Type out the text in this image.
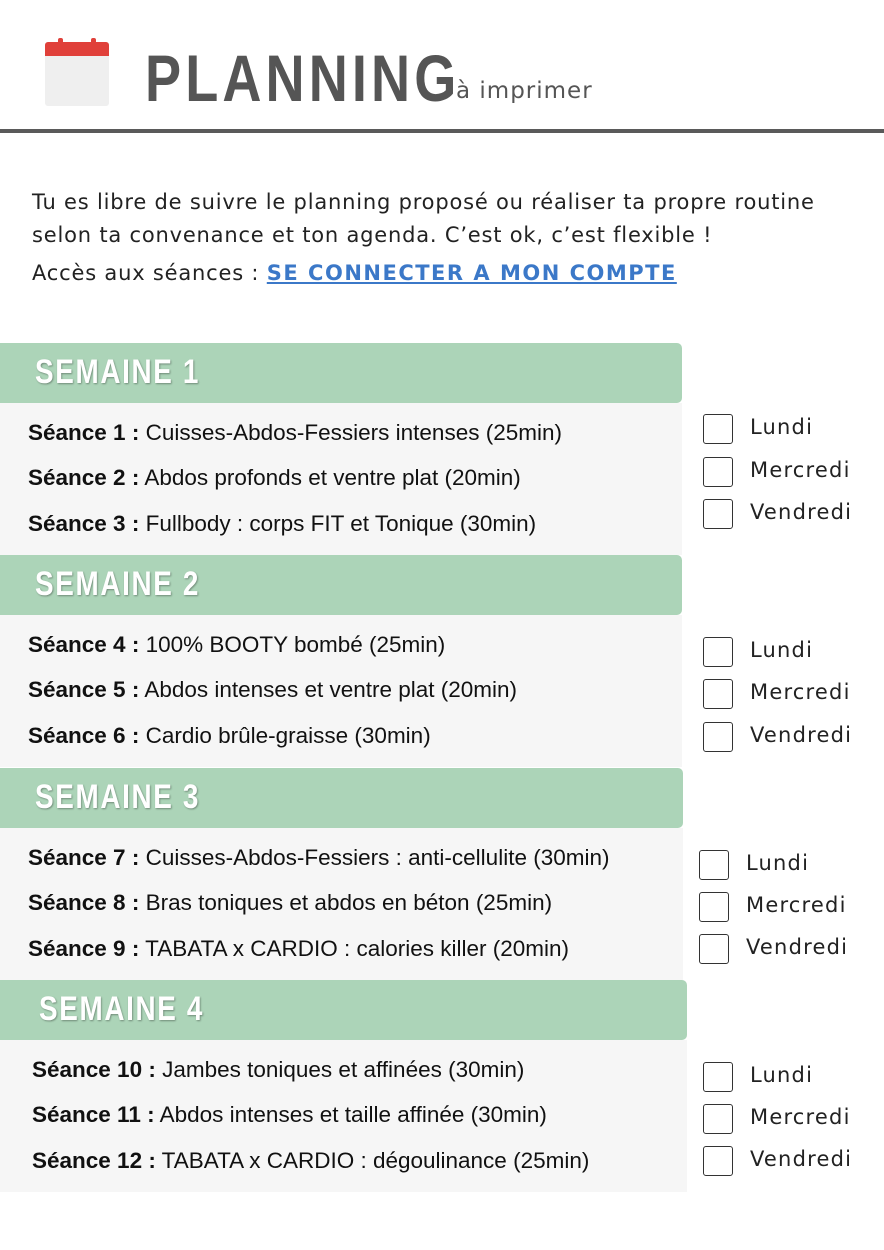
PLANNING
à imprimer
Tu es libre de suivre le planning proposé ou réaliser ta propre routine selon ta convenance et ton agenda. C’est ok, c’est flexible !
Accès aux séances : SE CONNECTER A MON COMPTE
SEMAINE 1
Séance 1 : Cuisses-Abdos-Fessiers intenses (25min)
Séance 2 : Abdos profonds et ventre plat (20min)
Séance 3 : Fullbody : corps FIT et Tonique (30min)
Lundi
Mercredi
Vendredi
SEMAINE 2
Séance 4 : 100% BOOTY bombé (25min)
Séance 5 : Abdos intenses et ventre plat (20min)
Séance 6 : Cardio brûle-graisse (30min)
Lundi
Mercredi
Vendredi
SEMAINE 3
Séance 7 : Cuisses-Abdos-Fessiers : anti-cellulite (30min)
Séance 8 : Bras toniques et abdos en béton (25min)
Séance 9 : TABATA x CARDIO : calories killer (20min)
Lundi
Mercredi
Vendredi
SEMAINE 4
Séance 10 : Jambes toniques et affinées (30min)
Séance 11 : Abdos intenses et taille affinée (30min)
Séance 12 : TABATA x CARDIO : dégoulinance (25min)
Lundi
Mercredi
Vendredi
